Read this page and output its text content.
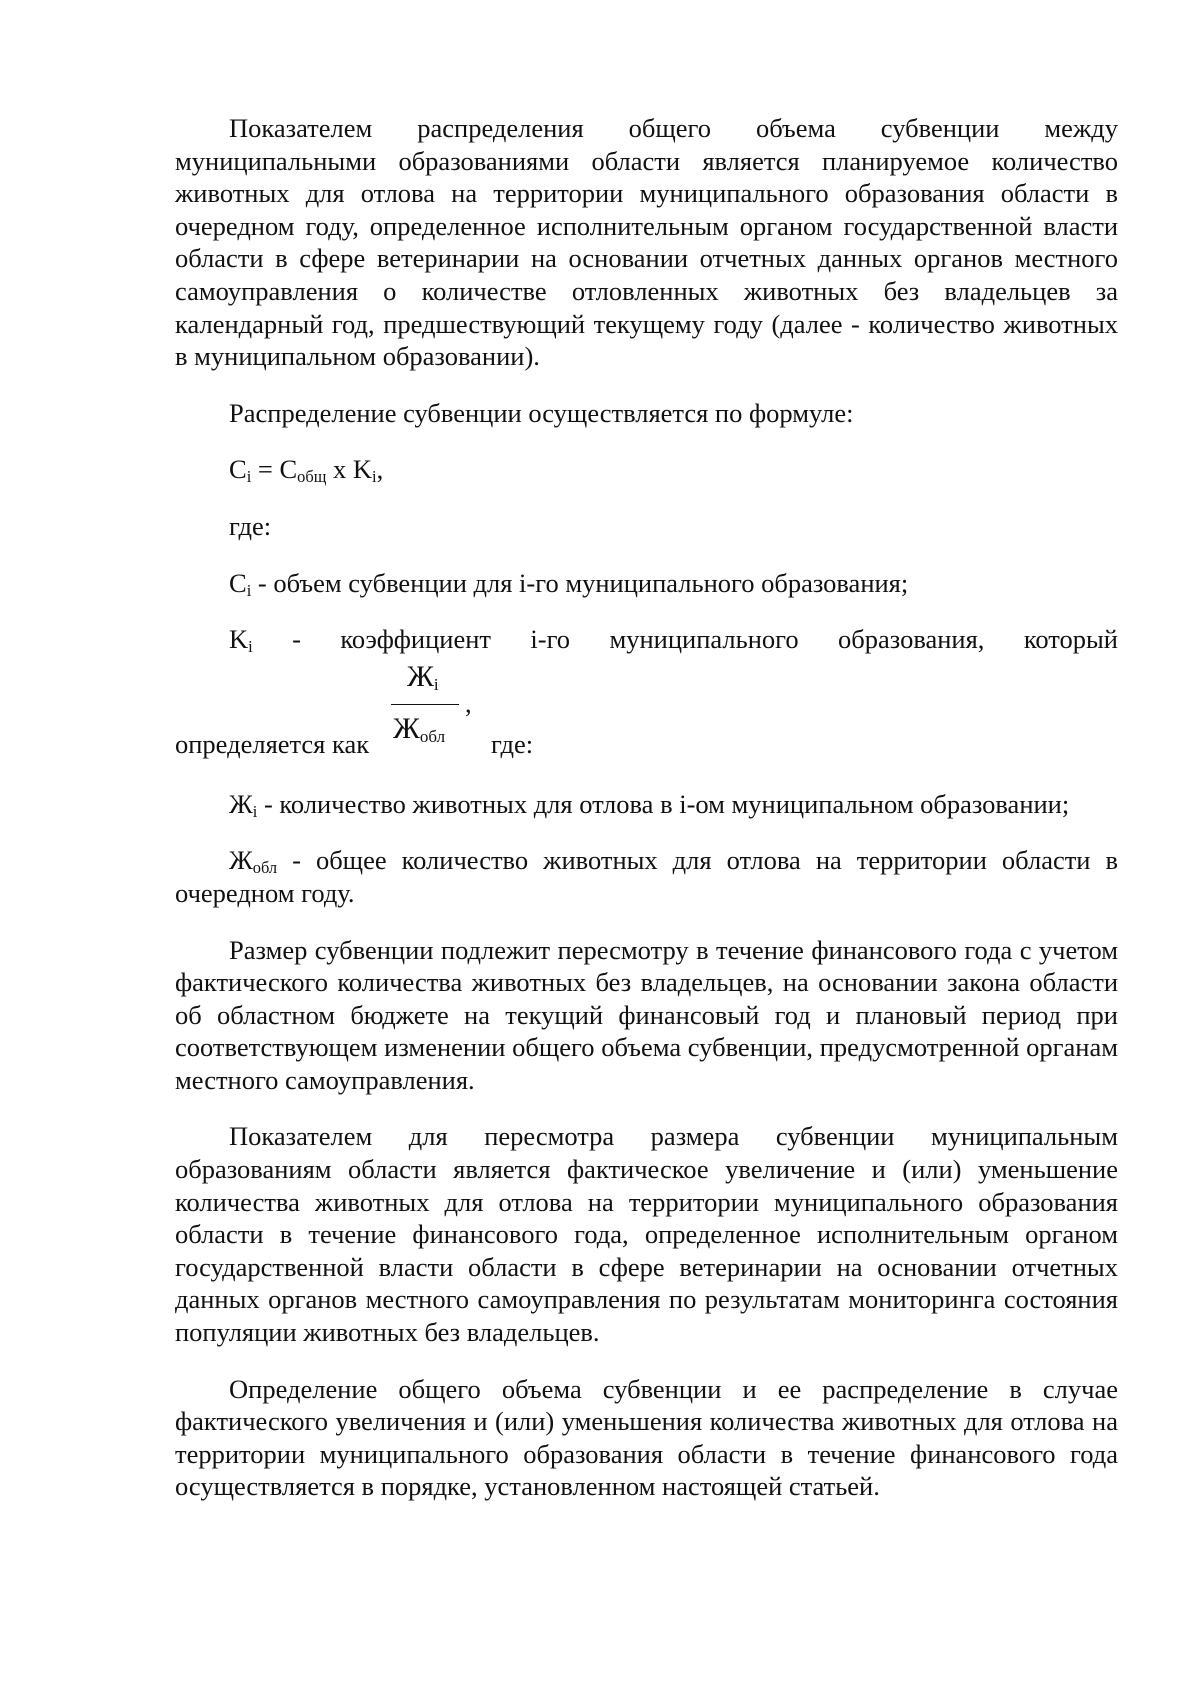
Показателем распределения общего объема субвенции между муниципальными образованиями области является планируемое количество животных для отлова на территории муниципального образования области в очередном году, определенное исполнительным органом государственной власти области в сфере ветеринарии на основании отчетных данных органов местного самоуправления о количестве отловленных животных без владельцев за календарный год, предшествующий текущему году (далее - количество животных в муниципальном образовании).

Распределение субвенции осуществляется по формуле:

$C_i = C_{общ}$ x $K_i$,

где:

$C_i$ - объем субвенции для i-го муниципального образования;

$K_i$ - коэффициент i-го муниципального образования, который

определяется как
Жi
Жобл
,
где:

$Ж_i$ - количество животных для отлова в i-ом муниципальном образовании;

$Ж_{обл}$ - общее количество животных для отлова на территории области в очередном году.

Размер субвенции подлежит пересмотру в течение финансового года с учетом фактического количества животных без владельцев, на основании закона области об областном бюджете на текущий финансовый год и плановый период при соответствующем изменении общего объема субвенции, предусмотренной органам местного самоуправления.

Показателем для пересмотра размера субвенции муниципальным образованиям области является фактическое увеличение и (или) уменьшение количества животных для отлова на территории муниципального образования области в течение финансового года, определенное исполнительным органом государственной власти области в сфере ветеринарии на основании отчетных данных органов местного самоуправления по результатам мониторинга состояния популяции животных без владельцев.

Определение общего объема субвенции и ее распределение в случае фактического увеличения и (или) уменьшения количества животных для отлова на территории муниципального образования области в течение финансового года осуществляется в порядке, установленном настоящей статьей.
